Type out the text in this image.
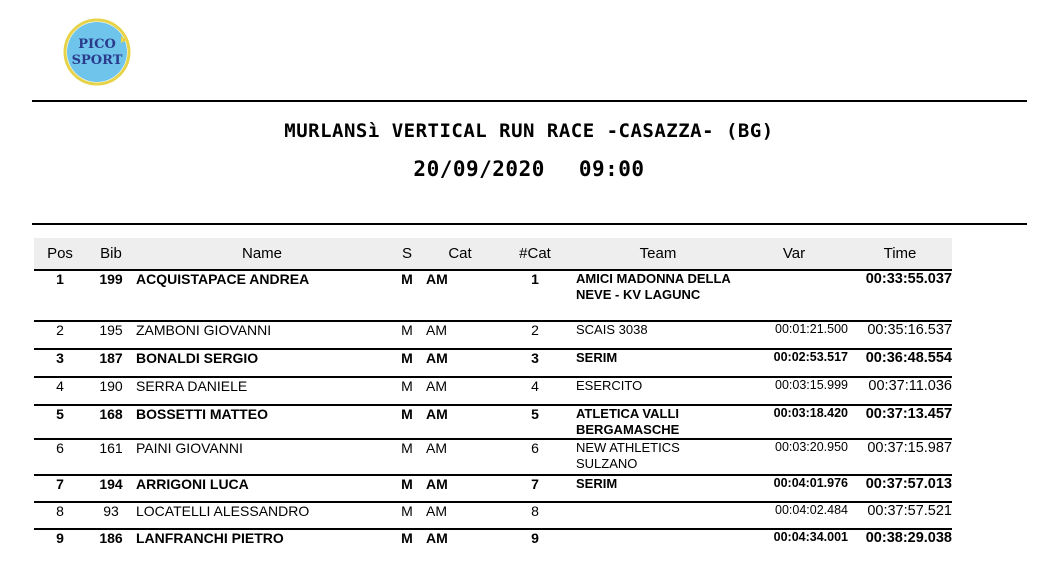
PICO
SPORT
MURLANSì VERTICAL RUN RACE -CASAZZA- (BG)
20/09/2020 09:00
Pos	Bib	Name	S	Cat	#Cat	Team	Var	Time
1	199	ACQUISTAPACE ANDREA	M	AM	1	AMICI MADONNA DELLA NEVE - KV LAGUNC		00:33:55.037
2	195	ZAMBONI GIOVANNI	M	AM	2	SCAIS 3038	00:01:21.500	00:35:16.537
3	187	BONALDI SERGIO	M	AM	3	SERIM	00:02:53.517	00:36:48.554
4	190	SERRA DANIELE	M	AM	4	ESERCITO	00:03:15.999	00:37:11.036
5	168	BOSSETTI MATTEO	M	AM	5	ATLETICA VALLI BERGAMASCHE	00:03:18.420	00:37:13.457
6	161	PAINI GIOVANNI	M	AM	6	NEW ATHLETICS SULZANO	00:03:20.950	00:37:15.987
7	194	ARRIGONI LUCA	M	AM	7	SERIM	00:04:01.976	00:37:57.013
8	93	LOCATELLI ALESSANDRO	M	AM	8		00:04:02.484	00:37:57.521
9	186	LANFRANCHI PIETRO	M	AM	9		00:04:34.001	00:38:29.038
